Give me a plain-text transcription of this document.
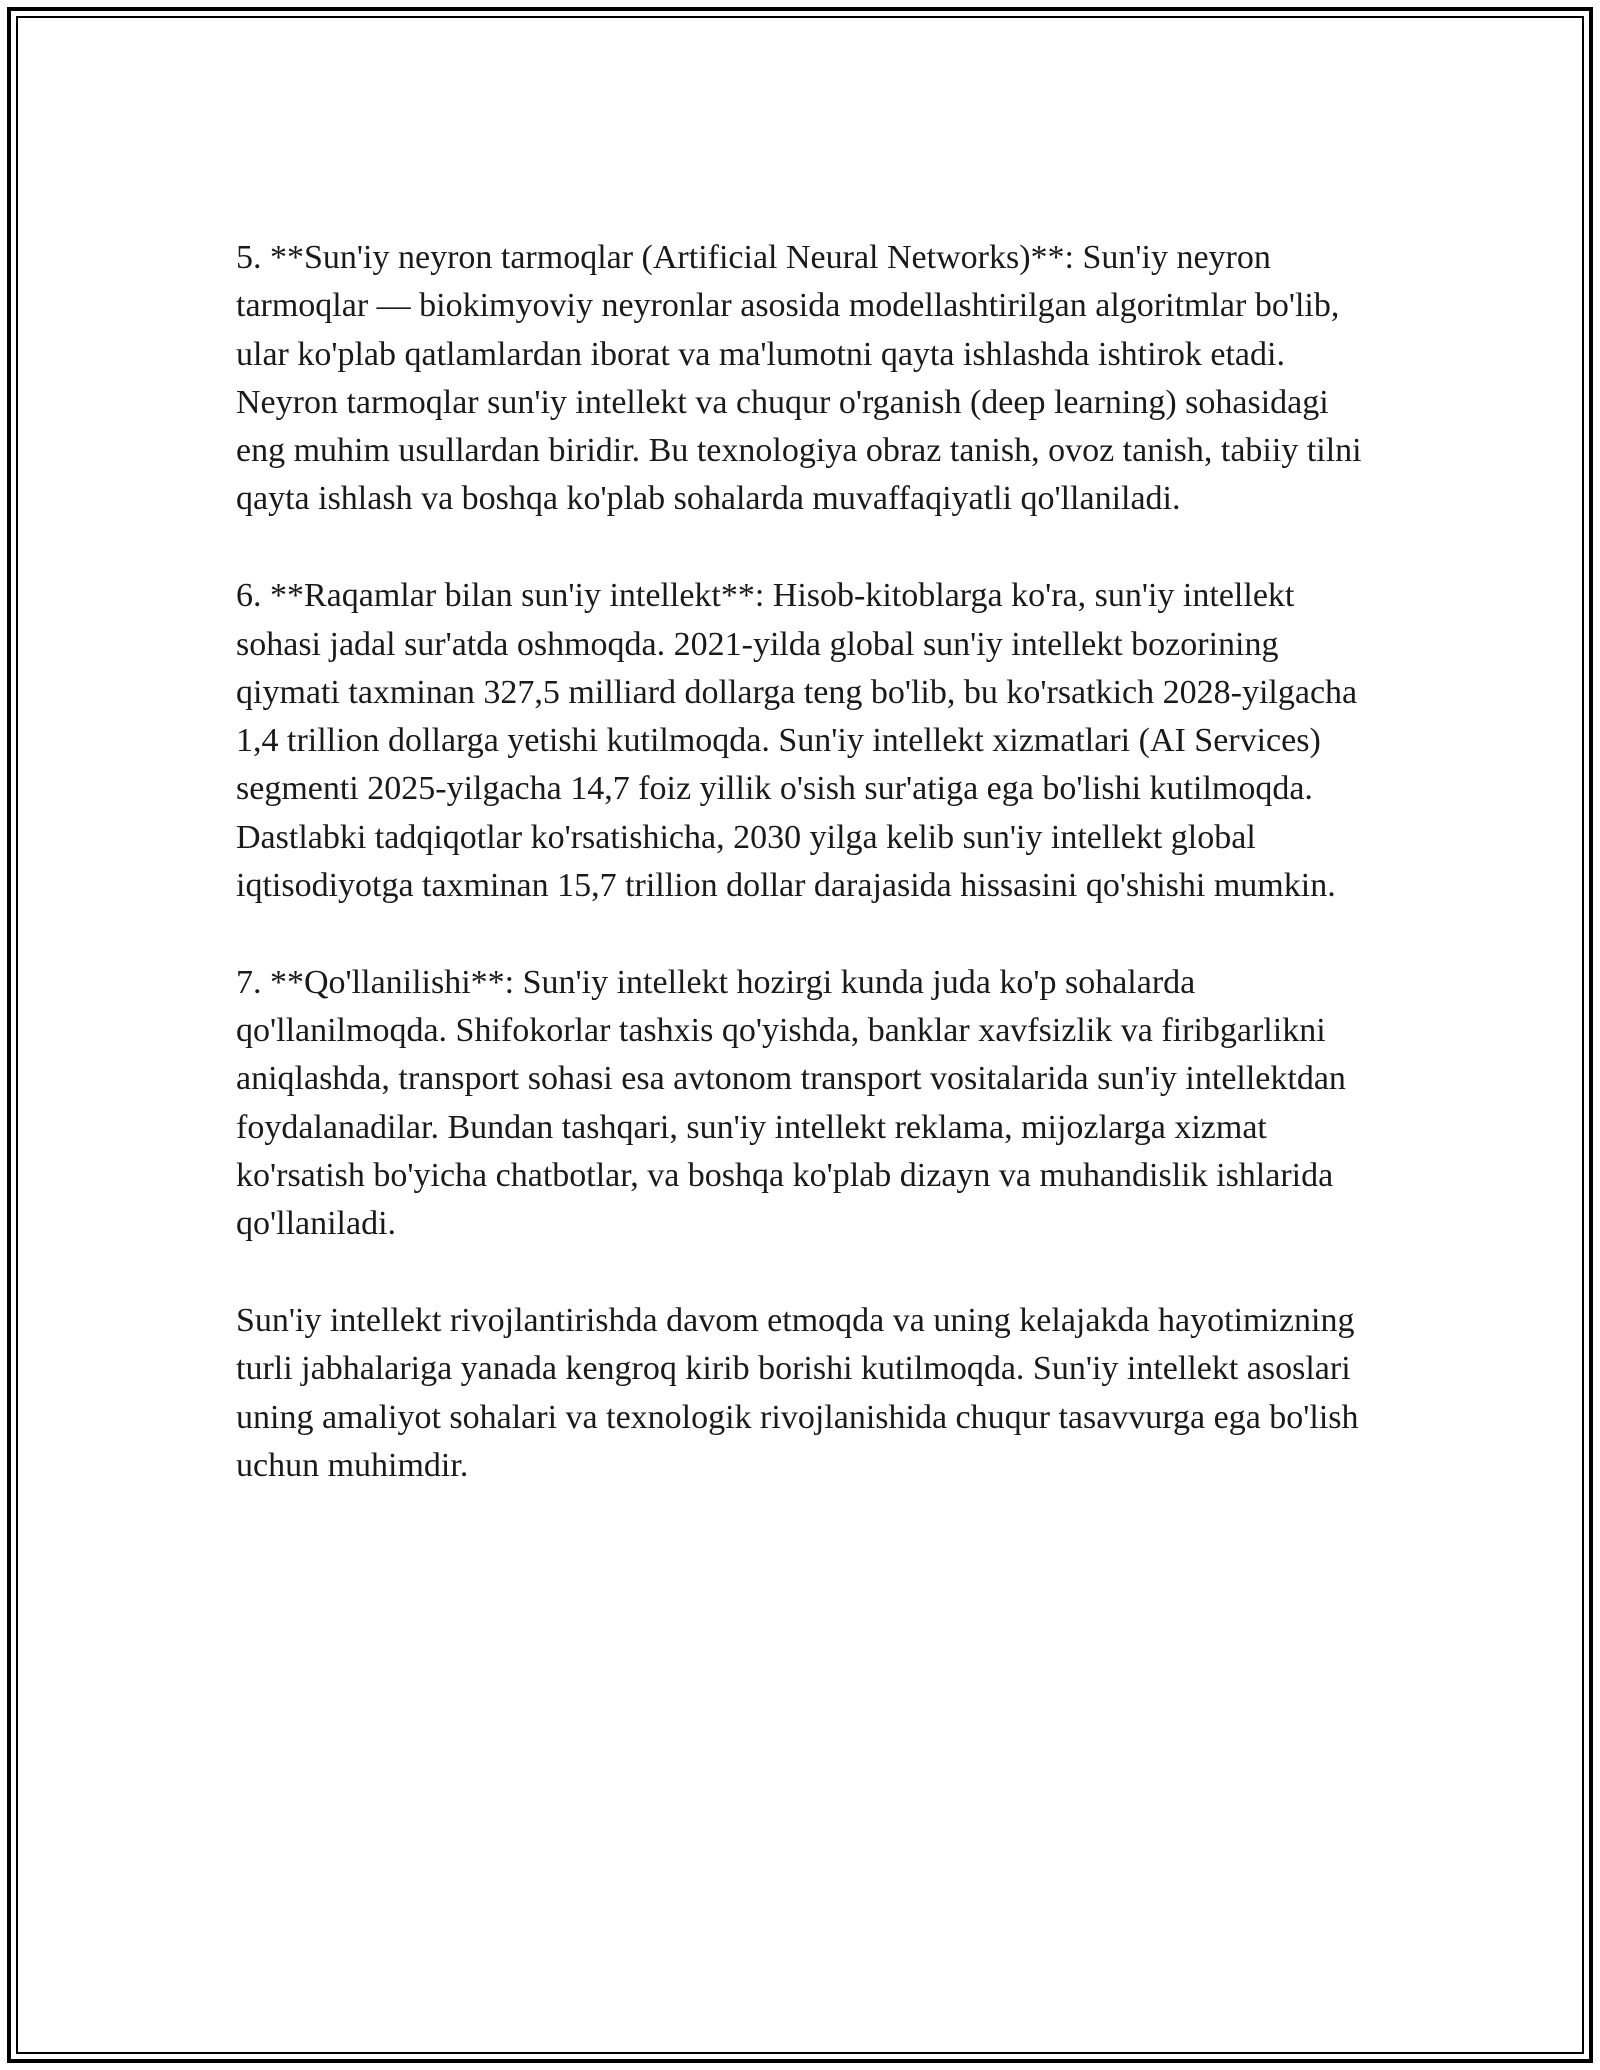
5. **Sun'iy neyron tarmoqlar (Artificial Neural Networks)**: Sun'iy neyron tarmoqlar — biokimyoviy neyronlar asosida modellashtirilgan algoritmlar bo'lib, ular ko'plab qatlamlardan iborat va ma'lumotni qayta ishlashda ishtirok etadi. Neyron tarmoqlar sun'iy intellekt va chuqur o'rganish (deep learning) sohasidagi eng muhim usullardan biridir. Bu texnologiya obraz tanish, ovoz tanish, tabiiy tilni qayta ishlash va boshqa ko'plab sohalarda muvaffaqiyatli qo'llaniladi.

6. **Raqamlar bilan sun'iy intellekt**: Hisob-kitoblarga ko'ra, sun'iy intellekt sohasi jadal sur'atda oshmoqda. 2021-yilda global sun'iy intellekt bozorining qiymati taxminan 327,5 milliard dollarga teng bo'lib, bu ko'rsatkich 2028-yilgacha 1,4 trillion dollarga yetishi kutilmoqda. Sun'iy intellekt xizmatlari (AI Services) segmenti 2025-yilgacha 14,7 foiz yillik o'sish sur'atiga ega bo'lishi kutilmoqda. Dastlabki tadqiqotlar ko'rsatishicha, 2030 yilga kelib sun'iy intellekt global iqtisodiyotga taxminan 15,7 trillion dollar darajasida hissasini qo'shishi mumkin.

7. **Qo'llanilishi**: Sun'iy intellekt hozirgi kunda juda ko'p sohalarda qo'llanilmoqda. Shifokorlar tashxis qo'yishda, banklar xavfsizlik va firibgarlikni aniqlashda, transport sohasi esa avtonom transport vositalarida sun'iy intellektdan foydalanadilar. Bundan tashqari, sun'iy intellekt reklama, mijozlarga xizmat ko'rsatish bo'yicha chatbotlar, va boshqa ko'plab dizayn va muhandislik ishlarida qo'llaniladi.

Sun'iy intellekt rivojlantirishda davom etmoqda va uning kelajakda hayotimizning turli jabhalariga yanada kengroq kirib borishi kutilmoqda. Sun'iy intellekt asoslari uning amaliyot sohalari va texnologik rivojlanishida chuqur tasavvurga ega bo'lish uchun muhimdir.
